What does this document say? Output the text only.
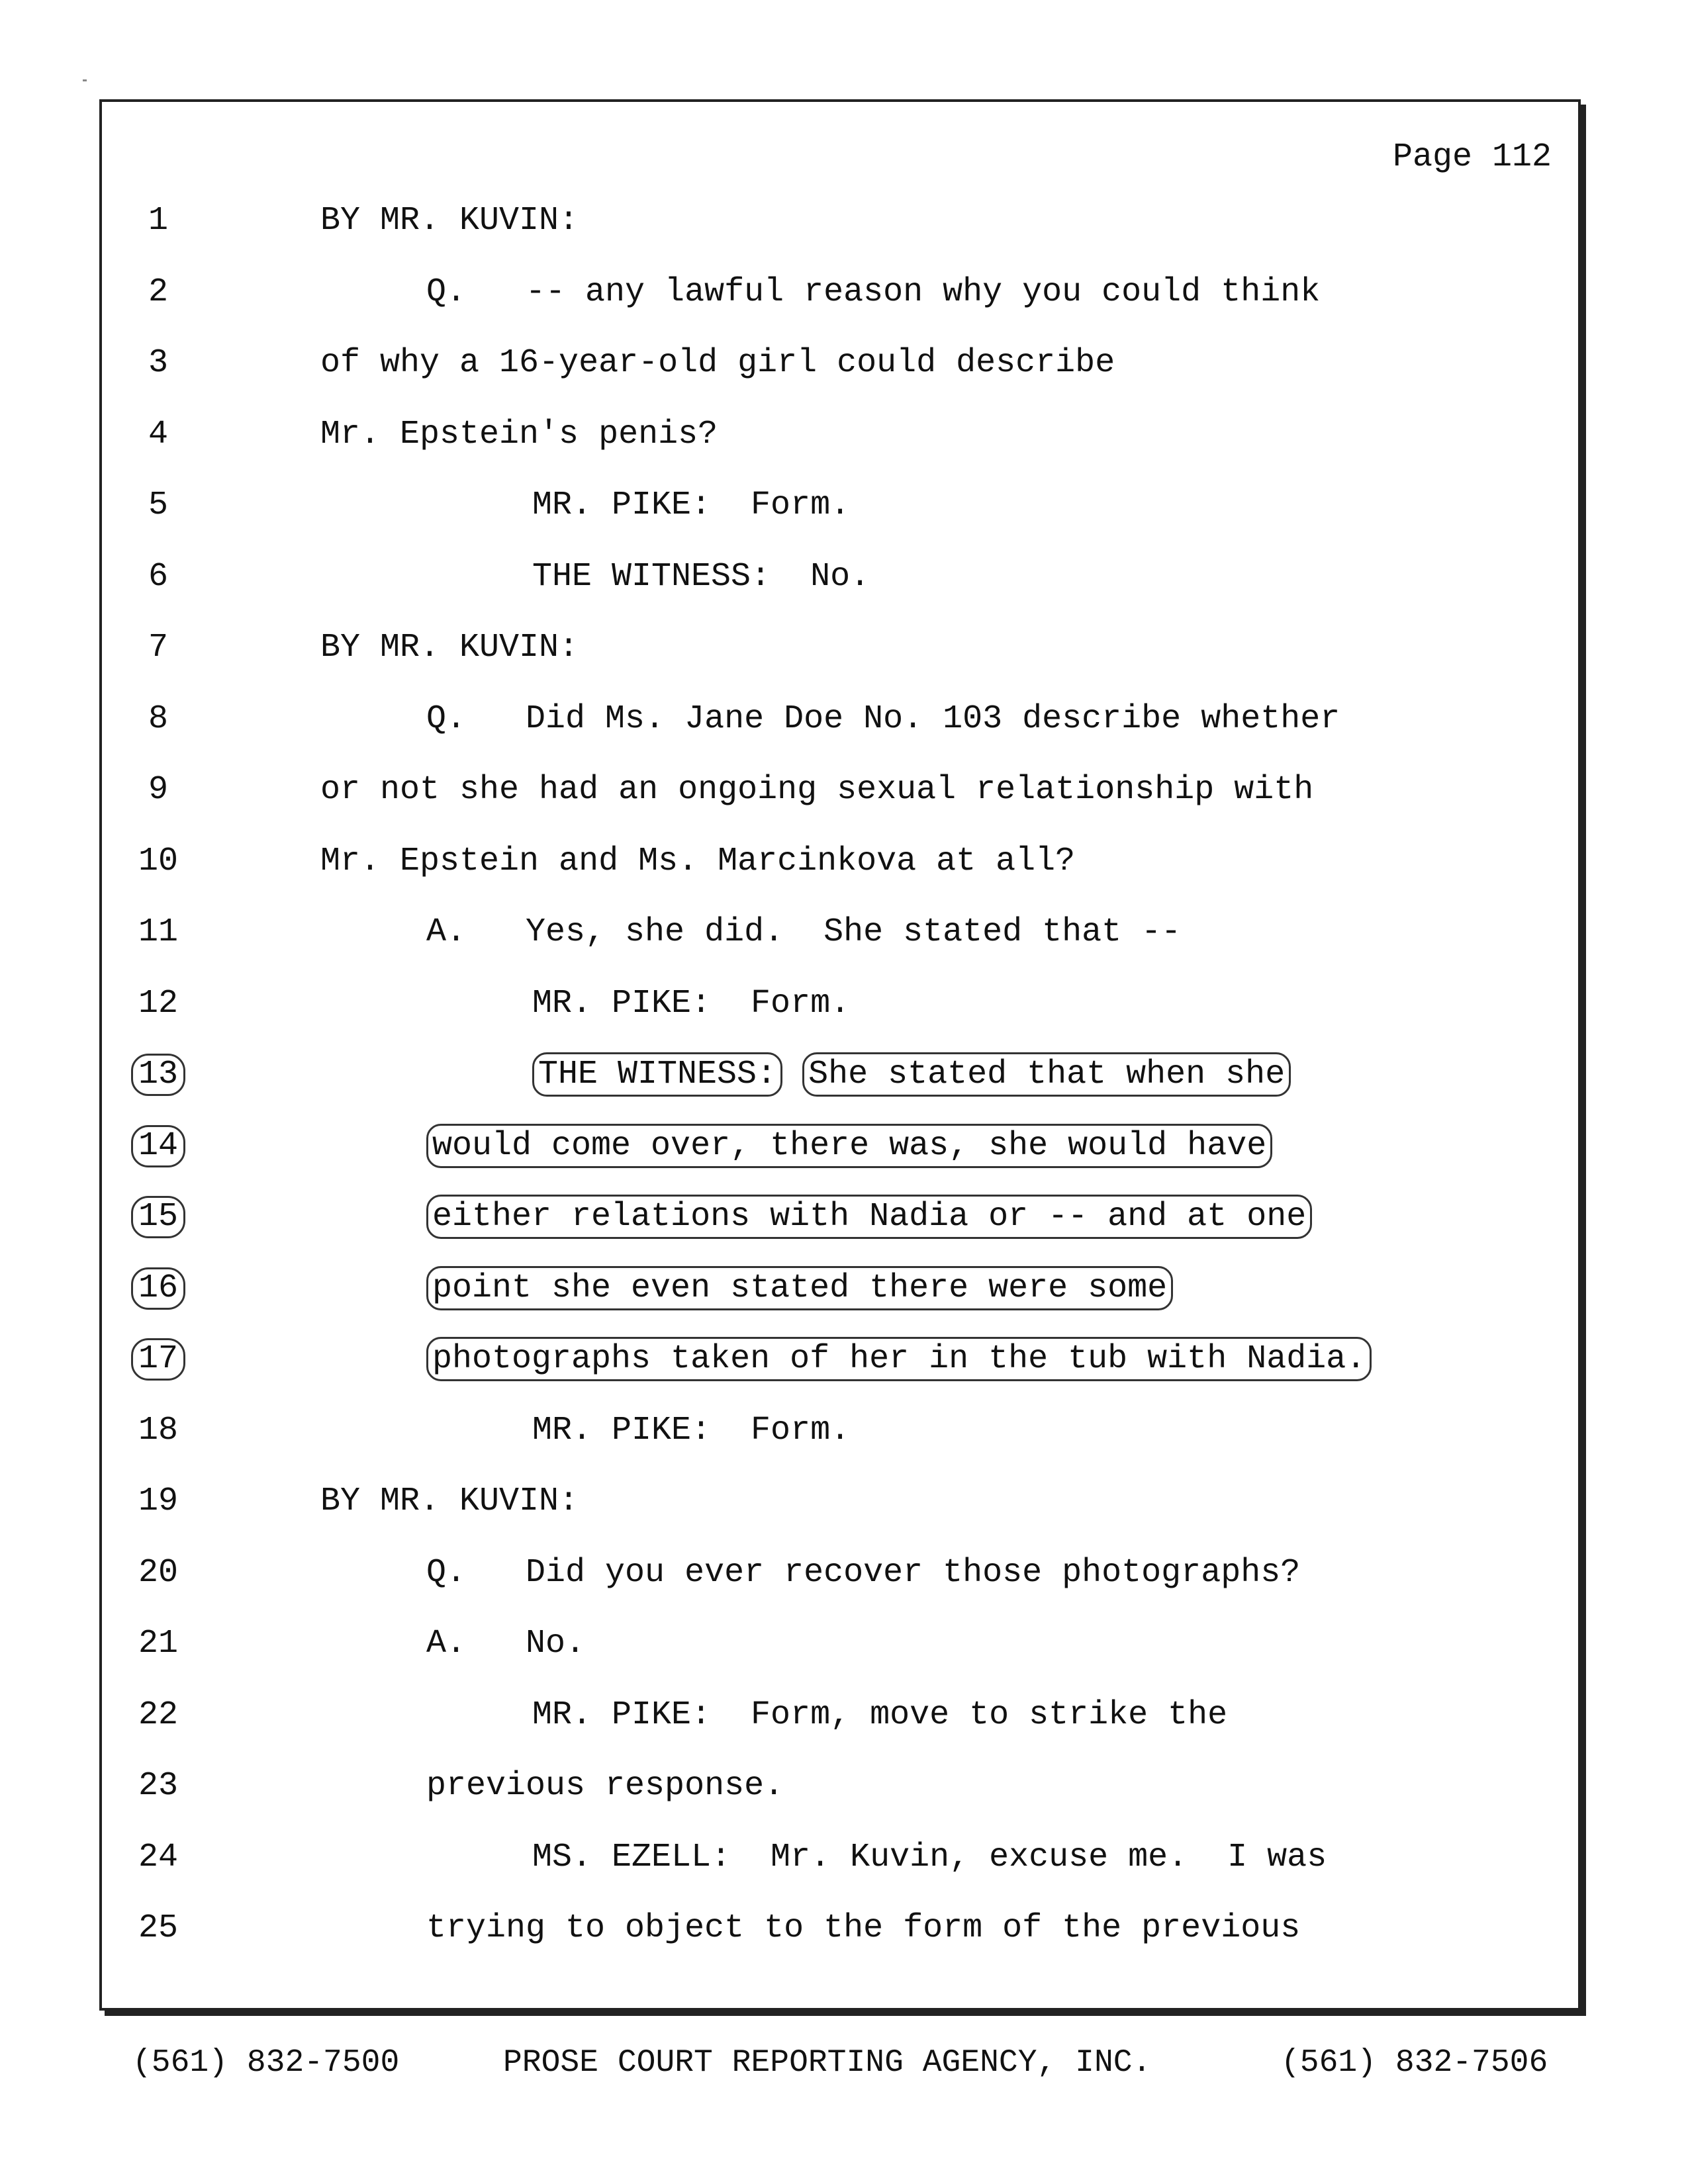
Page 112
1	BY MR. KUVIN:
2	Q.   -- any lawful reason why you could think
3	of why a 16-year-old girl could describe
4	Mr. Epstein's penis?
5	MR. PIKE:  Form.
6	THE WITNESS:  No.
7	BY MR. KUVIN:
8	Q.   Did Ms. Jane Doe No. 103 describe whether
9	or not she had an ongoing sexual relationship with
10	Mr. Epstein and Ms. Marcinkova at all?
11	A.   Yes, she did.  She stated that --
12	MR. PIKE:  Form.
13	THE WITNESS: She stated that when she
14	would come over, there was, she would have
15	either relations with Nadia or -- and at one
16	point she even stated there were some
17	photographs taken of her in the tub with Nadia.
18	MR. PIKE:  Form.
19	BY MR. KUVIN:
20	Q.   Did you ever recover those photographs?
21	A.   No.
22	MR. PIKE:  Form, move to strike the
23	previous response.
24	MS. EZELL:  Mr. Kuvin, excuse me.  I was
25	trying to object to the form of the previous
(561) 832-7500	PROSE COURT REPORTING AGENCY, INC.	(561) 832-7506
